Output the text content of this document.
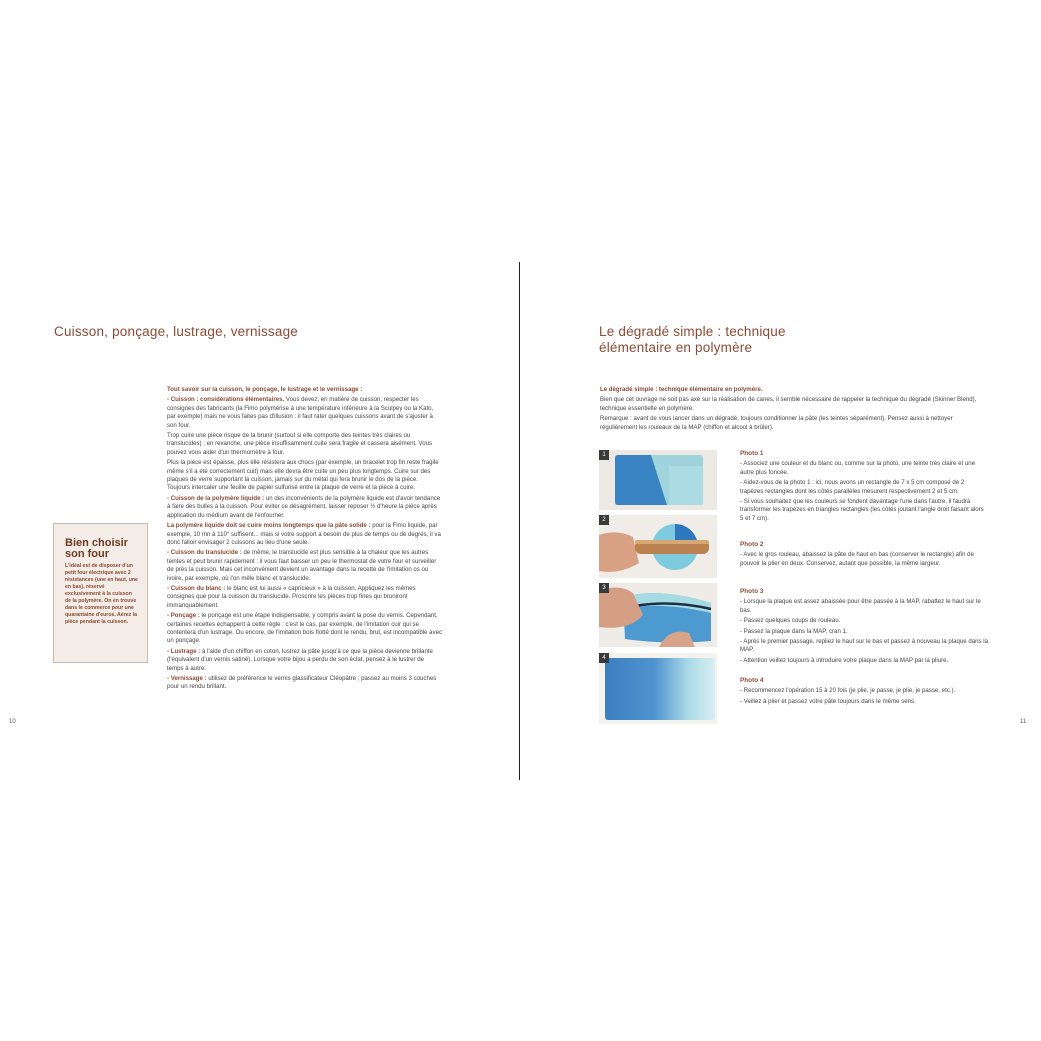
Cuisson, ponçage, lustrage, vernissage

Tout savoir sur la cuisson, le ponçage, le lustrage et le vernissage :

- Cuisson : considérations élémentaires. Vous devez, en matière de cuisson, respecter les consignes des fabricants (la Fimo polymérise à une température inférieure à la Sculpey ou la Kato, par exemple) mais ne vous faites pas d'illusion : il faut rater quelques cuissons avant de s'ajuster à son four.

Trop cuire une pièce risque de la brunir (surtout si elle comporte des teintes très claires ou translucides) ; en revanche, une pièce insuffisamment cuite sera fragile et cassera aisément. Vous pouvez vous aider d'un thermomètre à four.

Plus la pièce est épaisse, plus elle résistera aux chocs (par exemple, un bracelet trop fin reste fragile même s'il a été correctement cuit) mais elle devra être cuite un peu plus longtemps. Cuire sur des plaques de verre supportant la cuisson, jamais sur du métal qui fera brunir le dos de la pièce. Toujours intercaler une feuille de papier sulfurisé entre la plaque de verre et la pièce à cuire.

- Cuisson de la polymère liquide : un des inconvénients de la polymère liquide est d'avoir tendance à faire des bulles à la cuisson. Pour éviter ce désagrément, laisser reposer ½ d'heure la pièce après application du médium avant de l'enfourner.

La polymère liquide doit se cuire moins longtemps que la pâte solide : pour la Fimo liquide, par exemple, 10 mn à 110° suffisent... mais si votre support a besoin de plus de temps ou de degrés, il va donc falloir envisager 2 cuissons au lieu d'une seule.

- Cuisson du translucide : de même, le translucide est plus sensible à la chaleur que les autres teintes et peut brunir rapidement : il vous faut baisser un peu le thermostat de votre four et surveiller de près la cuisson. Mais cet inconvénient devient un avantage dans la recette de l'imitation os ou ivoire, par exemple, où l'on mêle blanc et translucide.

- Cuisson du blanc : le blanc est lui aussi « capricieux » à la cuisson. Appliquez les mêmes consignes que pour la cuisson du translucide. Proscrire les pièces trop fines qui bruniront immanquablement.

- Ponçage : le ponçage est une étape indispensable, y compris avant la pose du vernis. Cependant, certaines recettes échappent à cette règle : c'est le cas, par exemple, de l'imitation cuir qui se contentera d'un lustrage. Ou encore, de l'imitation bois flotté dont le rendu, brut, est incompatible avec un ponçage.

- Lustrage : à l'aide d'un chiffon en coton, lustrez la pâte jusqu'à ce que la pièce devienne brillante (l'équivalent d'un vernis satiné). Lorsque votre bijou a perdu de son éclat, pensez à le lustrer de temps à autre.

- Vernissage : utilisez de préférence le vernis glassificateur Cléopâtre ; passez au moins 3 couches pour un rendu brillant.

Bien choisir son four

L'idéal est de disposer d'un petit four électrique avec 2 résistances (une en haut, une en bas), réservé exclusivement à la cuisson de la polymère. On en trouve dans le commerce pour une quarantaine d'euros. Aérez la pièce pendant la cuisson.

10
Le dégradé simple : technique
élémentaire en polymère

Le dégradé simple : technique élémentaire en polymère.

Bien que cet ouvrage ne soit pas axé sur la réalisation de canes, il semble nécessaire de rappeler la technique du dégradé (Skinner Blend), technique essentielle en polymère.

Remarque : avant de vous lancer dans un dégradé, toujours conditionner la pâte (les teintes séparément). Pensez aussi à nettoyer régulièrement les rouleaux de la MAP (chiffon et alcool à brûler).

1
2
3
4

Photo 1

- Associez une couleur et du blanc ou, comme sur la photo, une teinte très claire et une autre plus foncée.

- Aidez-vous de la photo 1 : ici, nous avons un rectangle de 7 x 5 cm composé de 2 trapèzes rectangles dont les côtés parallèles mesurent respectivement 2 et 5 cm.

- Si vous souhaitez que les couleurs se fondent davantage l'une dans l'autre, il faudra transformer les trapèzes en triangles rectangles (les côtés joutant l'angle droit faisant alors 5 et 7 cm).

Photo 2

- Avec le gros rouleau, abaissez la pâte de haut en bas (conserver le rectangle) afin de pouvoir la plier en deux. Conservez, autant que possible, la même largeur.

Photo 3

- Lorsque la plaque est assez abaissée pour être passée à la MAP, rabattez le haut sur le bas.

- Passez quelques coups de rouleau.

- Passez la plaque dans la MAP, cran 1.

- Après le premier passage, repliez le haut sur le bas et passez à nouveau la plaque dans la MAP.

- Attention veillez toujours à introduire votre plaque dans la MAP par la pliure.

Photo 4

- Recommencez l'opération 15 à 20 fois (je plie, je passe, je plie, je passe, etc.).

- Veillez à plier et passez votre pâte toujours dans le même sens.

11
